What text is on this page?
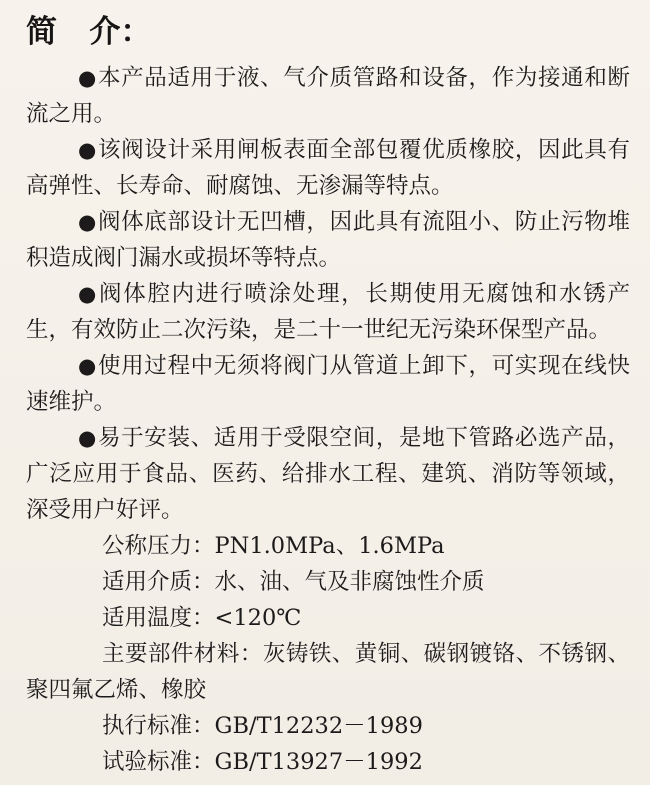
简   介：

●本产品适用于液、气介质管路和设备，作为接通和断流之用。

●该阀设计采用闸板表面全部包覆优质橡胶，因此具有高弹性、长寿命、耐腐蚀、无渗漏等特点。

●阀体底部设计无凹槽，因此具有流阻小、防止污物堆积造成阀门漏水或损坏等特点。

●阀体腔内进行喷涂处理，长期使用无腐蚀和水锈产生，有效防止二次污染，是二十一世纪无污染环保型产品。

●使用过程中无须将阀门从管道上卸下，可实现在线快速维护。

●易于安装、适用于受限空间，是地下管路必选产品，广泛应用于食品、医药、给排水工程、建筑、消防等领域，深受用户好评。

公称压力：PN1.0MPa、1.6MPa

适用介质：水、油、气及非腐蚀性介质

适用温度：<120℃

主要部件材料：灰铸铁、黄铜、碳钢镀铬、不锈钢、聚四氟乙烯、橡胶

执行标准：GB/T12232－1989

试验标准：GB/T13927－1992
